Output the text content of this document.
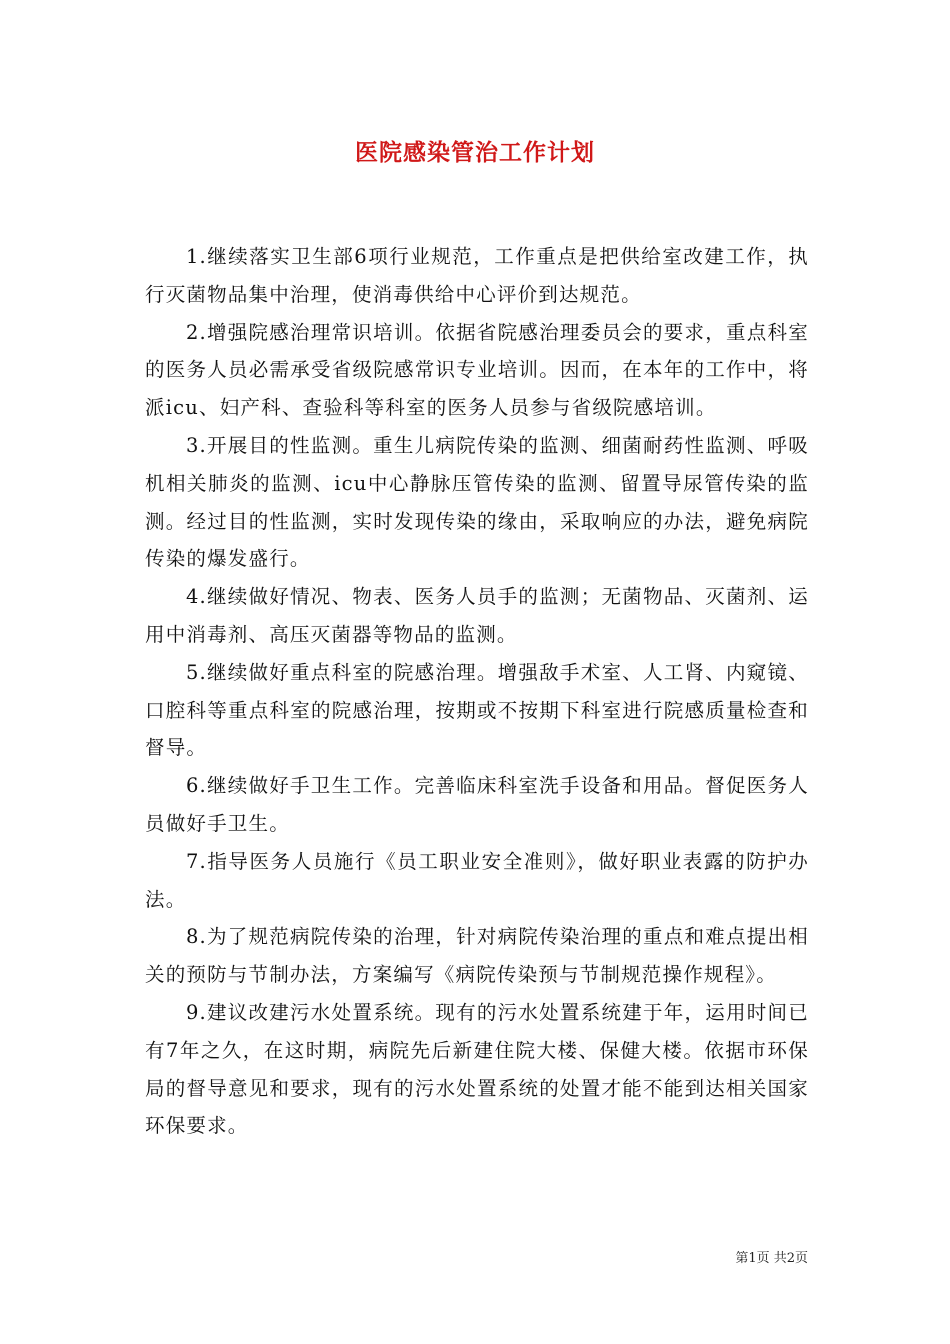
医院感染管治工作计划

1.继续落实卫生部6项行业规范，工作重点是把供给室改建工作，执行灭菌物品集中治理，使消毒供给中心评价到达规范。

2.增强院感治理常识培训。依据省院感治理委员会的要求，重点科室的医务人员必需承受省级院感常识专业培训。因而，在本年的工作中，将派icu、妇产科、查验科等科室的医务人员参与省级院感培训。

3.开展目的性监测。重生儿病院传染的监测、细菌耐药性监测、呼吸机相关肺炎的监测、icu中心静脉压管传染的监测、留置导尿管传染的监测。经过目的性监测，实时发现传染的缘由，采取响应的办法，避免病院传染的爆发盛行。

4.继续做好情况、物表、医务人员手的监测；无菌物品、灭菌剂、运用中消毒剂、高压灭菌器等物品的监测。

5.继续做好重点科室的院感治理。增强敌手术室、人工肾、内窥镜、口腔科等重点科室的院感治理，按期或不按期下科室进行院感质量检查和督导。

6.继续做好手卫生工作。完善临床科室洗手设备和用品。督促医务人员做好手卫生。

7.指导医务人员施行《员工职业安全准则》，做好职业表露的防护办法。

8.为了规范病院传染的治理，针对病院传染治理的重点和难点提出相关的预防与节制办法，方案编写《病院传染预与节制规范操作规程》。

9.建议改建污水处置系统。现有的污水处置系统建于年，运用时间已有7年之久，在这时期，病院先后新建住院大楼、保健大楼。依据市环保局的督导意见和要求，现有的污水处置系统的处置才能不能到达相关国家环保要求。

第1页 共2页
